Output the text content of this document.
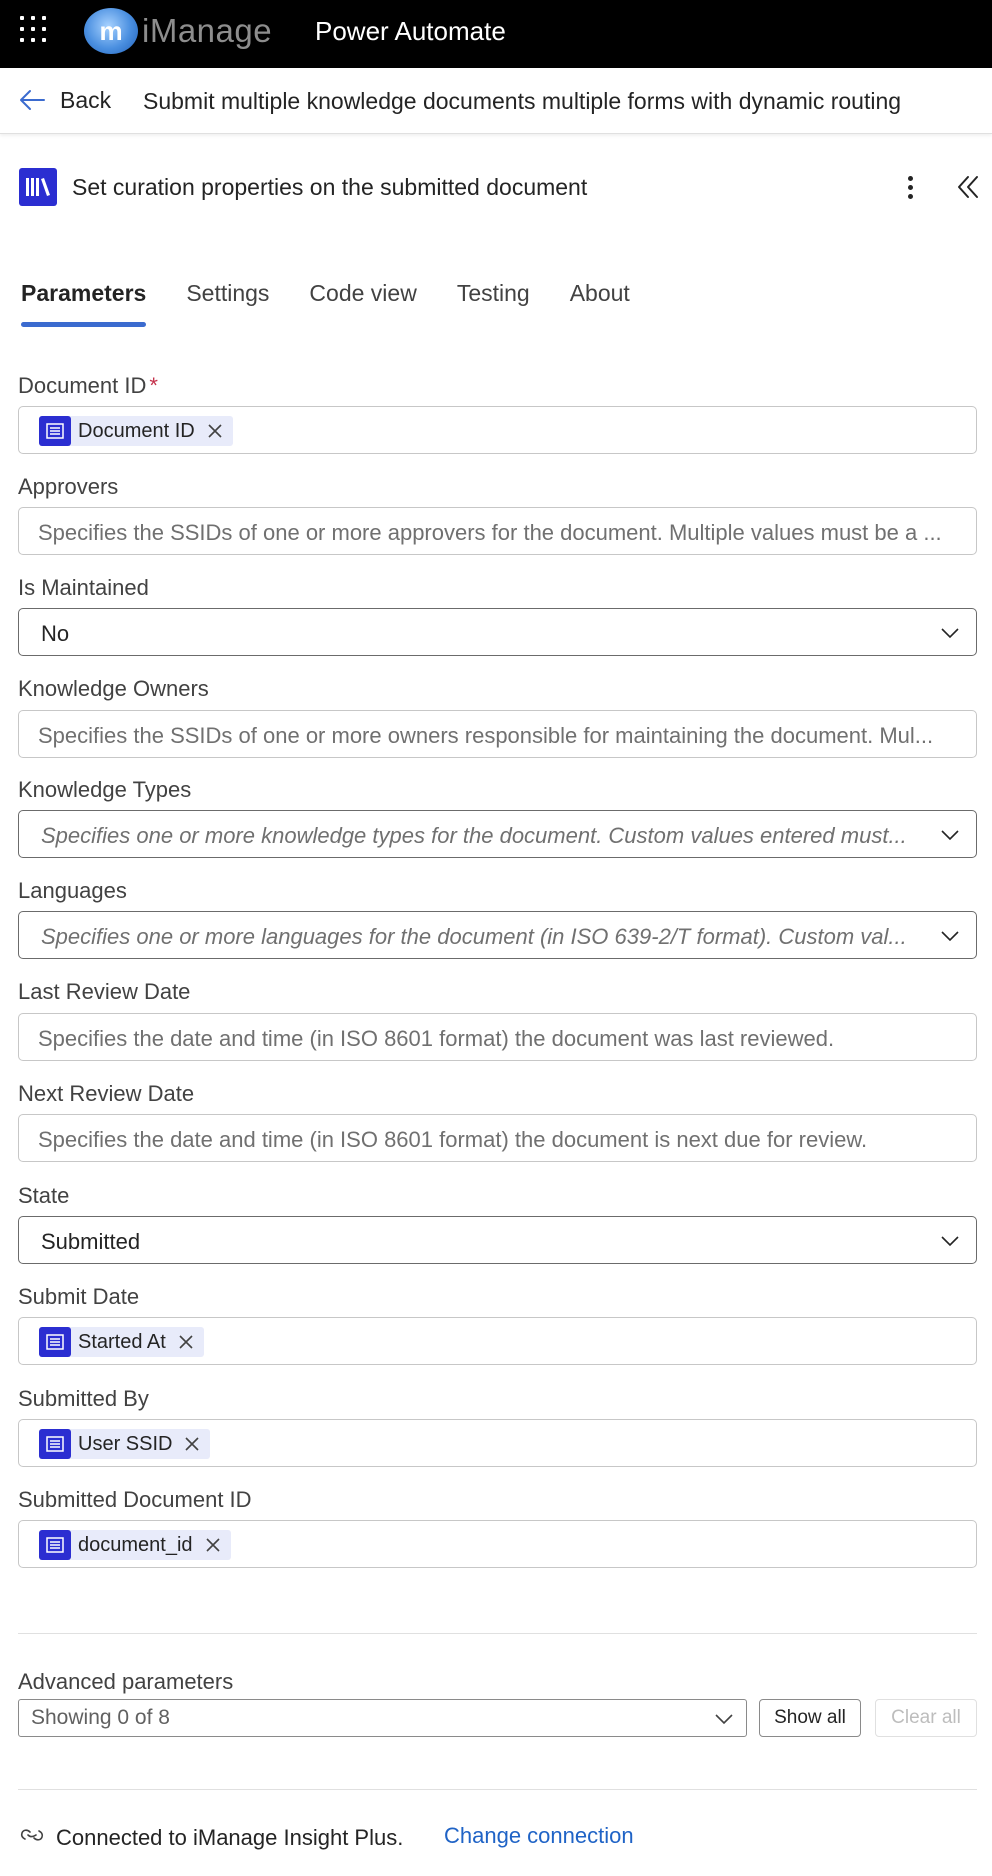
m iManage Power Automate
Back Submit multiple knowledge documents multiple forms with dynamic routing
Set curation properties on the submitted document
Parameters Settings Code view Testing About
Document ID *
Document ID
Approvers
Specifies the SSIDs of one or more approvers for the document. Multiple values must be a ...
Is Maintained
No
Knowledge Owners
Specifies the SSIDs of one or more owners responsible for maintaining the document. Mul...
Knowledge Types
Specifies one or more knowledge types for the document. Custom values entered must...
Languages
Specifies one or more languages for the document (in ISO 639-2/T format). Custom val...
Last Review Date
Specifies the date and time (in ISO 8601 format) the document was last reviewed.
Next Review Date
Specifies the date and time (in ISO 8601 format) the document is next due for review.
State
Submitted
Submit Date
Started At
Submitted By
User SSID
Submitted Document ID
document_id
Advanced parameters
Showing 0 of 8	Show all	Clear all
Connected to iManage Insight Plus. Change connection
